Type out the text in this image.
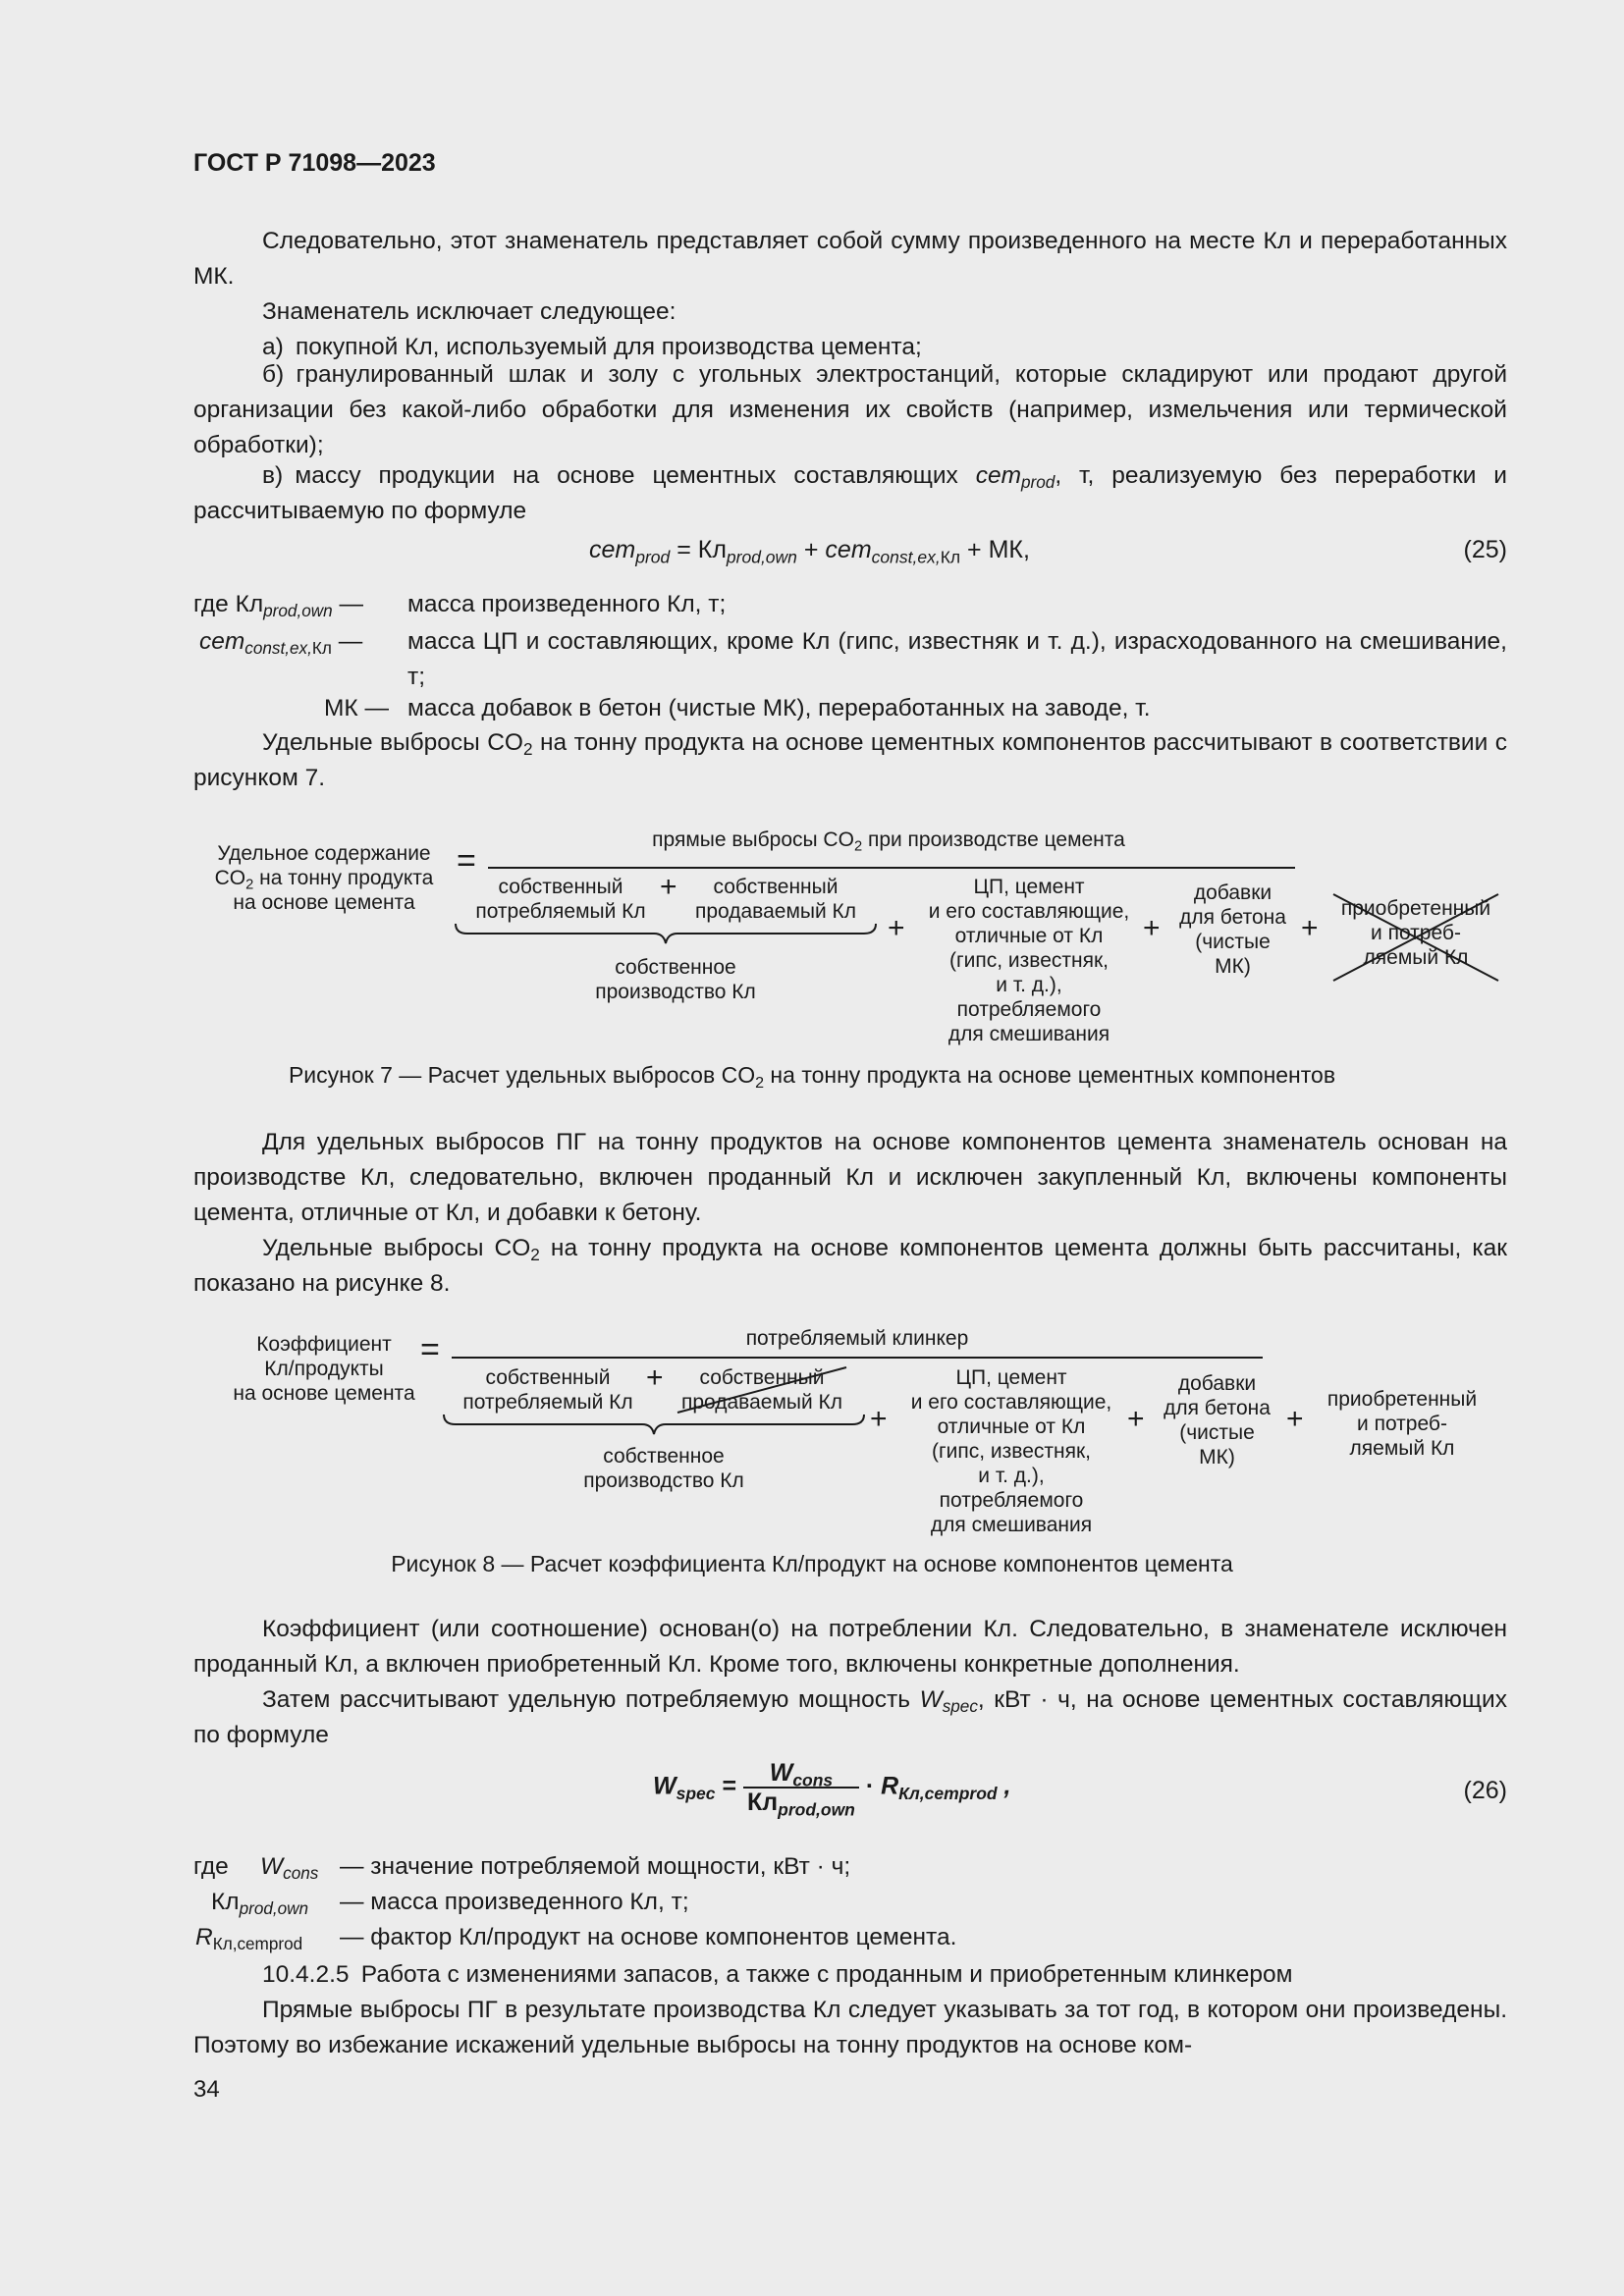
ГОСТ Р 71098—2023
Следовательно, этот знаменатель представляет собой сумму произведенного на месте Кл и переработанных МК.
Знаменатель исключает следующее:
а) покупной Кл, используемый для производства цемента;
б) гранулированный шлак и золу с угольных электростанций, которые складируют или продают другой организации без какой-либо обработки для изменения их свойств (например, измельчения или термической обработки);
в) массу продукции на основе цементных составляющих cem$_{prod}$, т, реализуемую без переработки и рассчитываемую по формуле
$cem_{prod} = Кл_{prod,own} + cem_{const,ex,Кл}$ + МК,	(25)
где $Кл_{prod,own}$ — масса произведенного Кл, т;
cem$_{const,ex,Кл}$ — масса ЦП и составляющих, кроме Кл (гипс, известняк и т. д.), израсходованного на смешивание, т;
МК — масса добавок в бетон (чистые МК), переработанных на заводе, т.
Удельные выбросы $CO_2$ на тонну продукта на основе цементных компонентов рассчитывают в соответствии с рисунком 7.
Удельное содержание
$CO_2$ на тонну продукта
на основе цемента
=
прямые выбросы $CO_2$ при производстве цемента
собственный
потребляемый Кл
+	собственный
продаваемый Кл
собственное
производство Кл
+
ЦП, цемент
и его составляющие,
отличные от Кл
(гипс, известняк,
и т. д.),
потребляемого
для смешивания
+
добавки
для бетона
(чистые
МК)
+
приобретенный
и потреб-
ляемый Кл
Рисунок 7 — Расчет удельных выбросов $CO_2$ на тонну продукта на основе цементных компонентов
Для удельных выбросов ПГ на тонну продуктов на основе компонентов цемента знаменатель основан на производстве Кл, следовательно, включен проданный Кл и исключен закупленный Кл, включены компоненты цемента, отличные от Кл, и добавки к бетону.
Удельные выбросы $CO_2$ на тонну продукта на основе компонентов цемента должны быть рассчитаны, как показано на рисунке 8.
Коэффициент
Кл/продукты
на основе цемента
=	потребляемый клинкер
собственный
потребляемый Кл
+	собственный
продаваемый Кл
собственное
производство Кл
+
ЦП, цемент
и его составляющие,
отличные от Кл
(гипс, известняк,
и т. д.),
потребляемого
для смешивания
+
добавки
для бетона
(чистые
МК)
+
приобретенный
и потреб-
ляемый Кл
Рисунок 8 — Расчет коэффициента Кл/продукт на основе компонентов цемента
Коэффициент (или соотношение) основан(о) на потреблении Кл. Следовательно, в знаменателе исключен проданный Кл, а включен приобретенный Кл. Кроме того, включены конкретные дополнения.
Затем рассчитывают удельную потребляемую мощность $W_{spec}$, кВт · ч, на основе цементных составляющих по формуле
$W_{spec}$ =	$W_{cons}$
$Кл_{prod,own}$
· $R_{Кл,cemprod}$ ,	(26)
где $W_{cons}$ — значение потребляемой мощности, кВт · ч;
$Кл_{prod,own}$ — масса произведенного Кл, т;
$R_{Кл,cemprod}$ — фактор Кл/продукт на основе компонентов цемента.
10.4.2.5 Работа с изменениями запасов, а также с проданным и приобретенным клинкером
Прямые выбросы ПГ в результате производства Кл следует указывать за тот год, в котором они произведены. Поэтому во избежание искажений удельные выбросы на тонну продуктов на основе ком-
34
